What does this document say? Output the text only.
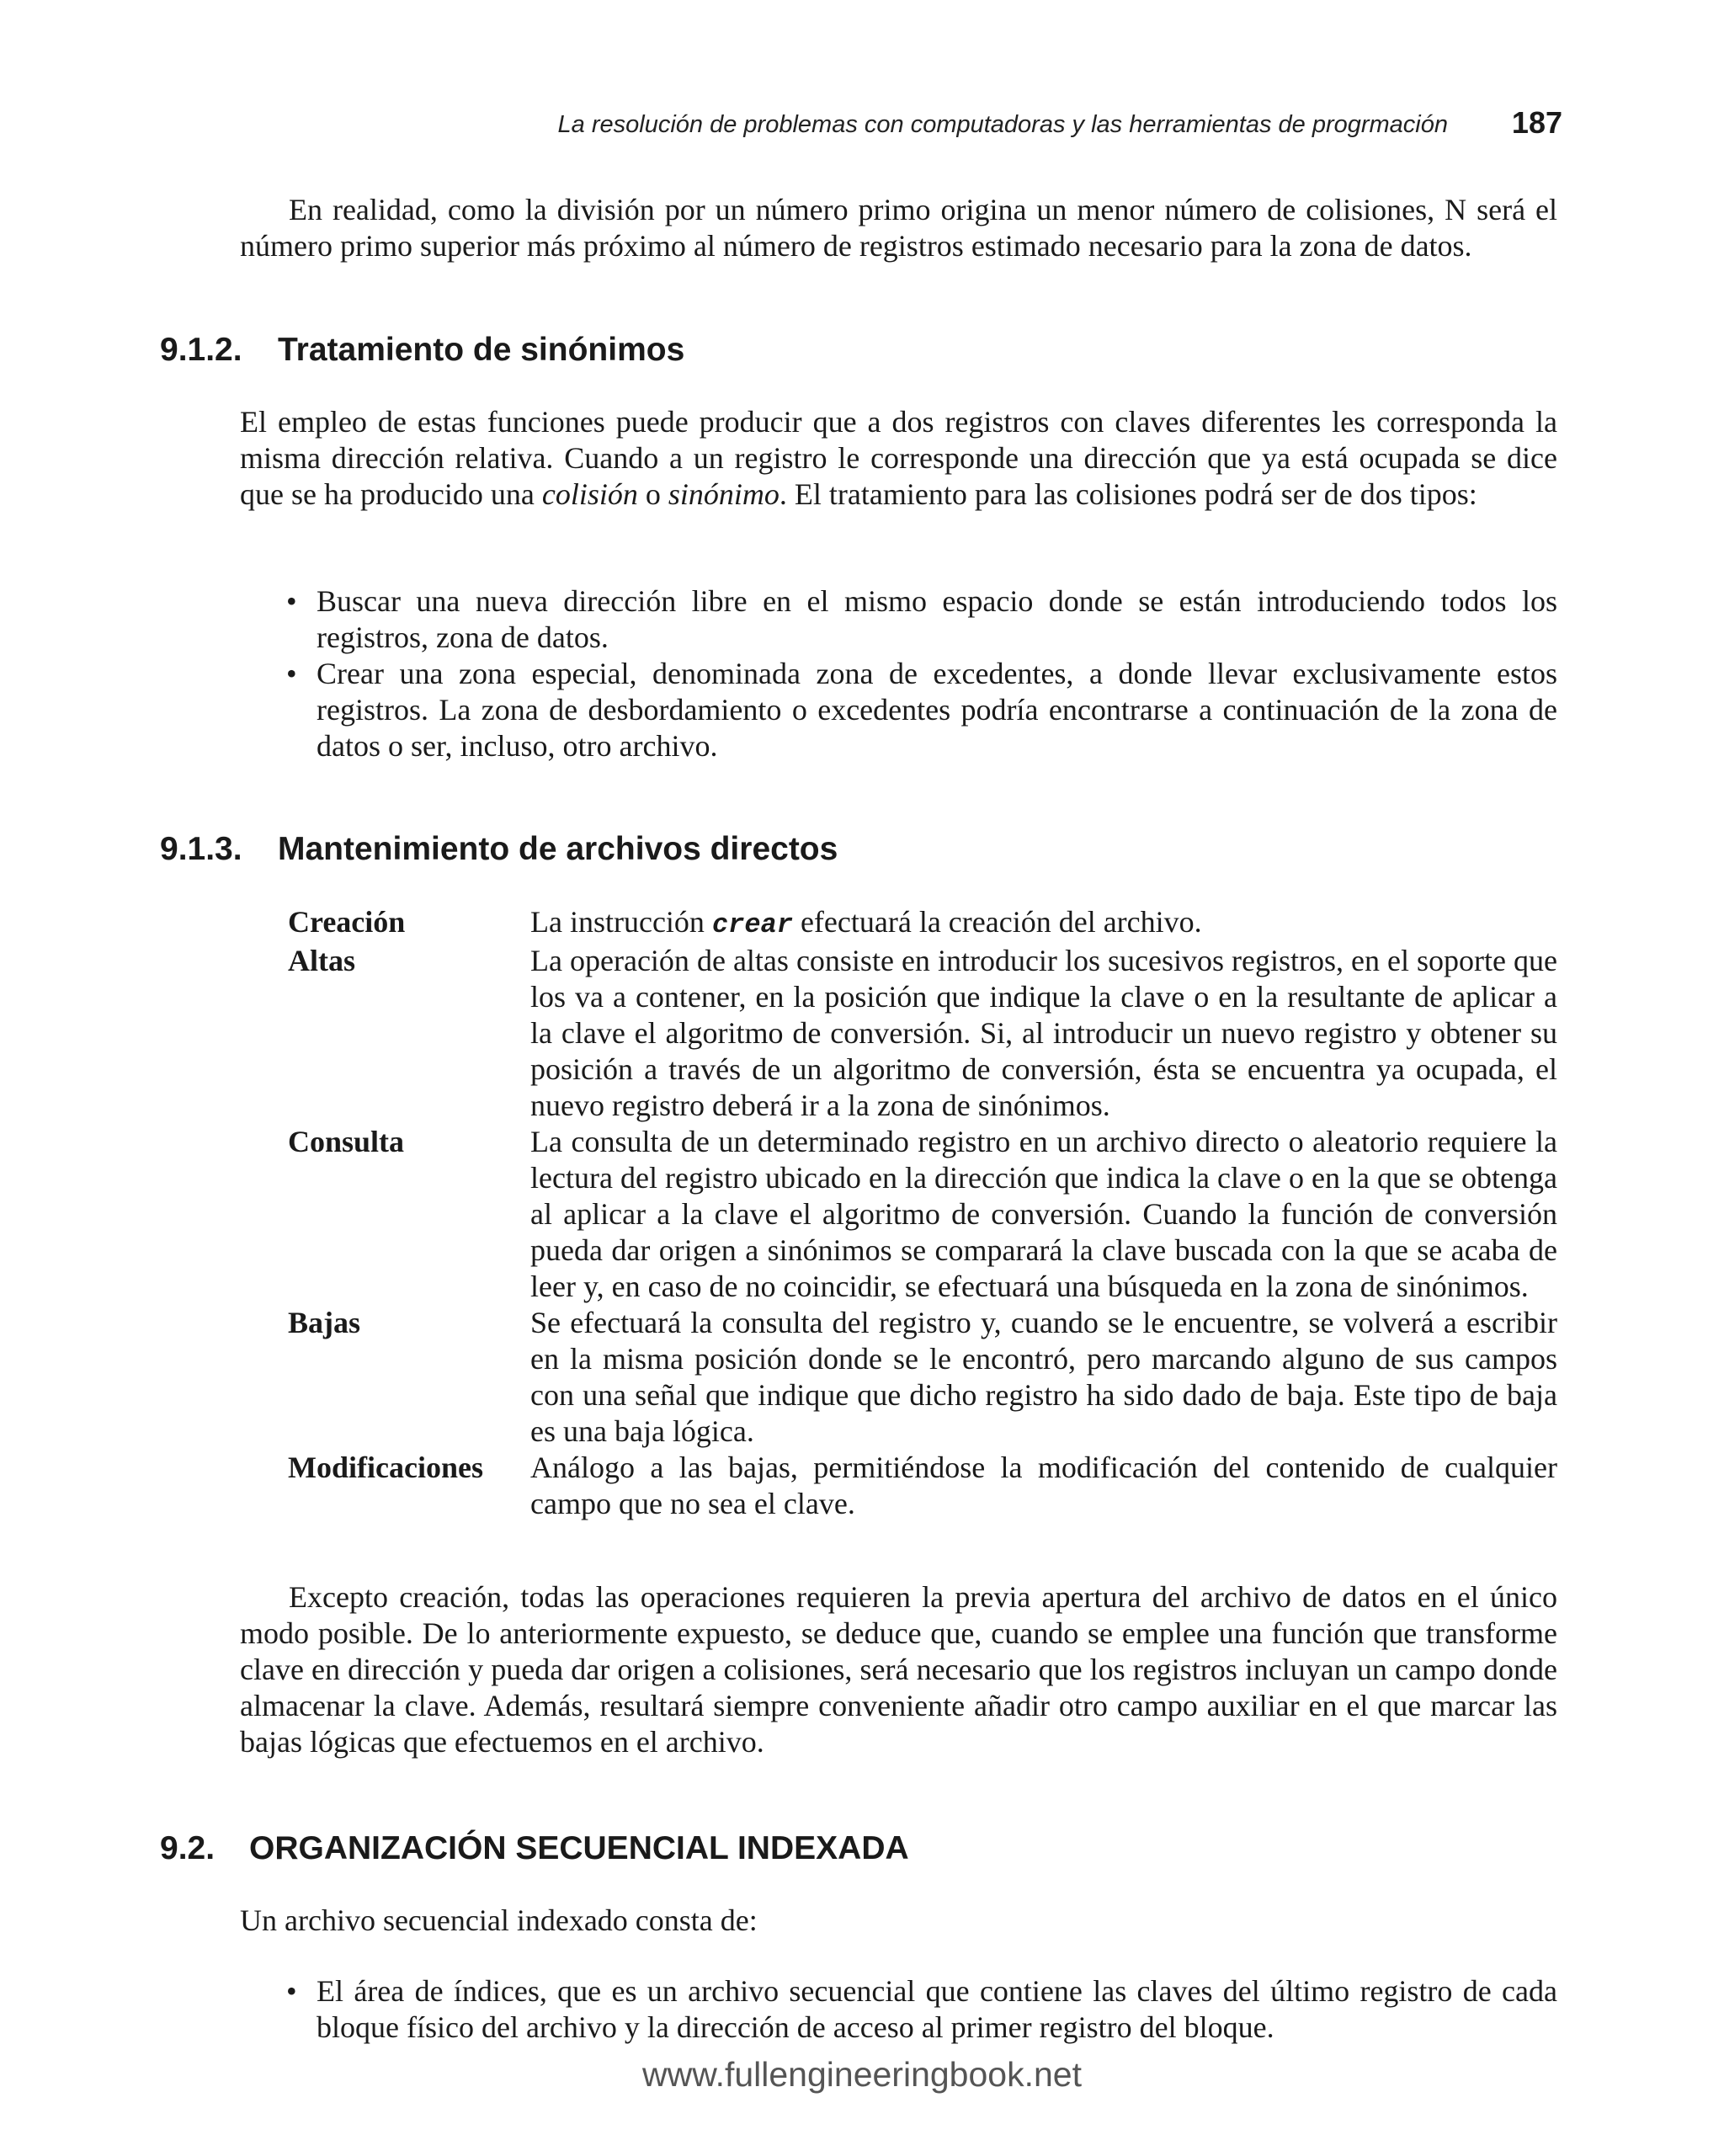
La resolución de problemas con computadoras y las herramientas de progrmación	187

En realidad, como la división por un número primo origina un menor número de colisiones, N será el número primo superior más próximo al número de registros estimado necesario para la zona de datos.

9.1.2. Tratamiento de sinónimos

El empleo de estas funciones puede producir que a dos registros con claves diferentes les corresponda la misma dirección relativa. Cuando a un registro le corresponde una dirección que ya está ocupada se dice que se ha producido una colisión o sinónimo. El tratamiento para las colisiones podrá ser de dos tipos:

• Buscar una nueva dirección libre en el mismo espacio donde se están introduciendo todos los registros, zona de datos.
• Crear una zona especial, denominada zona de excedentes, a donde llevar exclusivamente estos registros. La zona de desbordamiento o excedentes podría encontrarse a continuación de la zona de datos o ser, incluso, otro archivo.
9.1.3. Mantenimiento de archivos directos
Creación	La instrucción crear efectuará la creación del archivo.
Altas	La operación de altas consiste en introducir los sucesivos registros, en el soporte que los va a contener, en la posición que indique la clave o en la resultante de aplicar a la clave el algoritmo de conversión. Si, al introducir un nuevo registro y obtener su posición a través de un algoritmo de conversión, ésta se encuentra ya ocupada, el nuevo registro deberá ir a la zona de sinónimos.
Consulta	La consulta de un determinado registro en un archivo directo o aleatorio requiere la lectura del registro ubicado en la dirección que indica la clave o en la que se obtenga al aplicar a la clave el algoritmo de conversión. Cuando la función de conversión pueda dar origen a sinónimos se comparará la clave buscada con la que se acaba de leer y, en caso de no coincidir, se efectuará una búsqueda en la zona de sinónimos.
Bajas	Se efectuará la consulta del registro y, cuando se le encuentre, se volverá a escribir en la misma posición donde se le encontró, pero marcando alguno de sus campos con una señal que indique que dicho registro ha sido dado de baja. Este tipo de baja es una baja lógica.
Modificaciones	Análogo a las bajas, permitiéndose la modificación del contenido de cualquier campo que no sea el clave.

Excepto creación, todas las operaciones requieren la previa apertura del archivo de datos en el único modo posible. De lo anteriormente expuesto, se deduce que, cuando se emplee una función que transforme clave en dirección y pueda dar origen a colisiones, será necesario que los registros incluyan un campo donde almacenar la clave. Además, resultará siempre conveniente añadir otro campo auxiliar en el que marcar las bajas lógicas que efectuemos en el archivo.

9.2. ORGANIZACIÓN SECUENCIAL INDEXADA

Un archivo secuencial indexado consta de:

• El área de índices, que es un archivo secuencial que contiene las claves del último registro de cada bloque físico del archivo y la dirección de acceso al primer registro del bloque.
www.fullengineeringbook.net
